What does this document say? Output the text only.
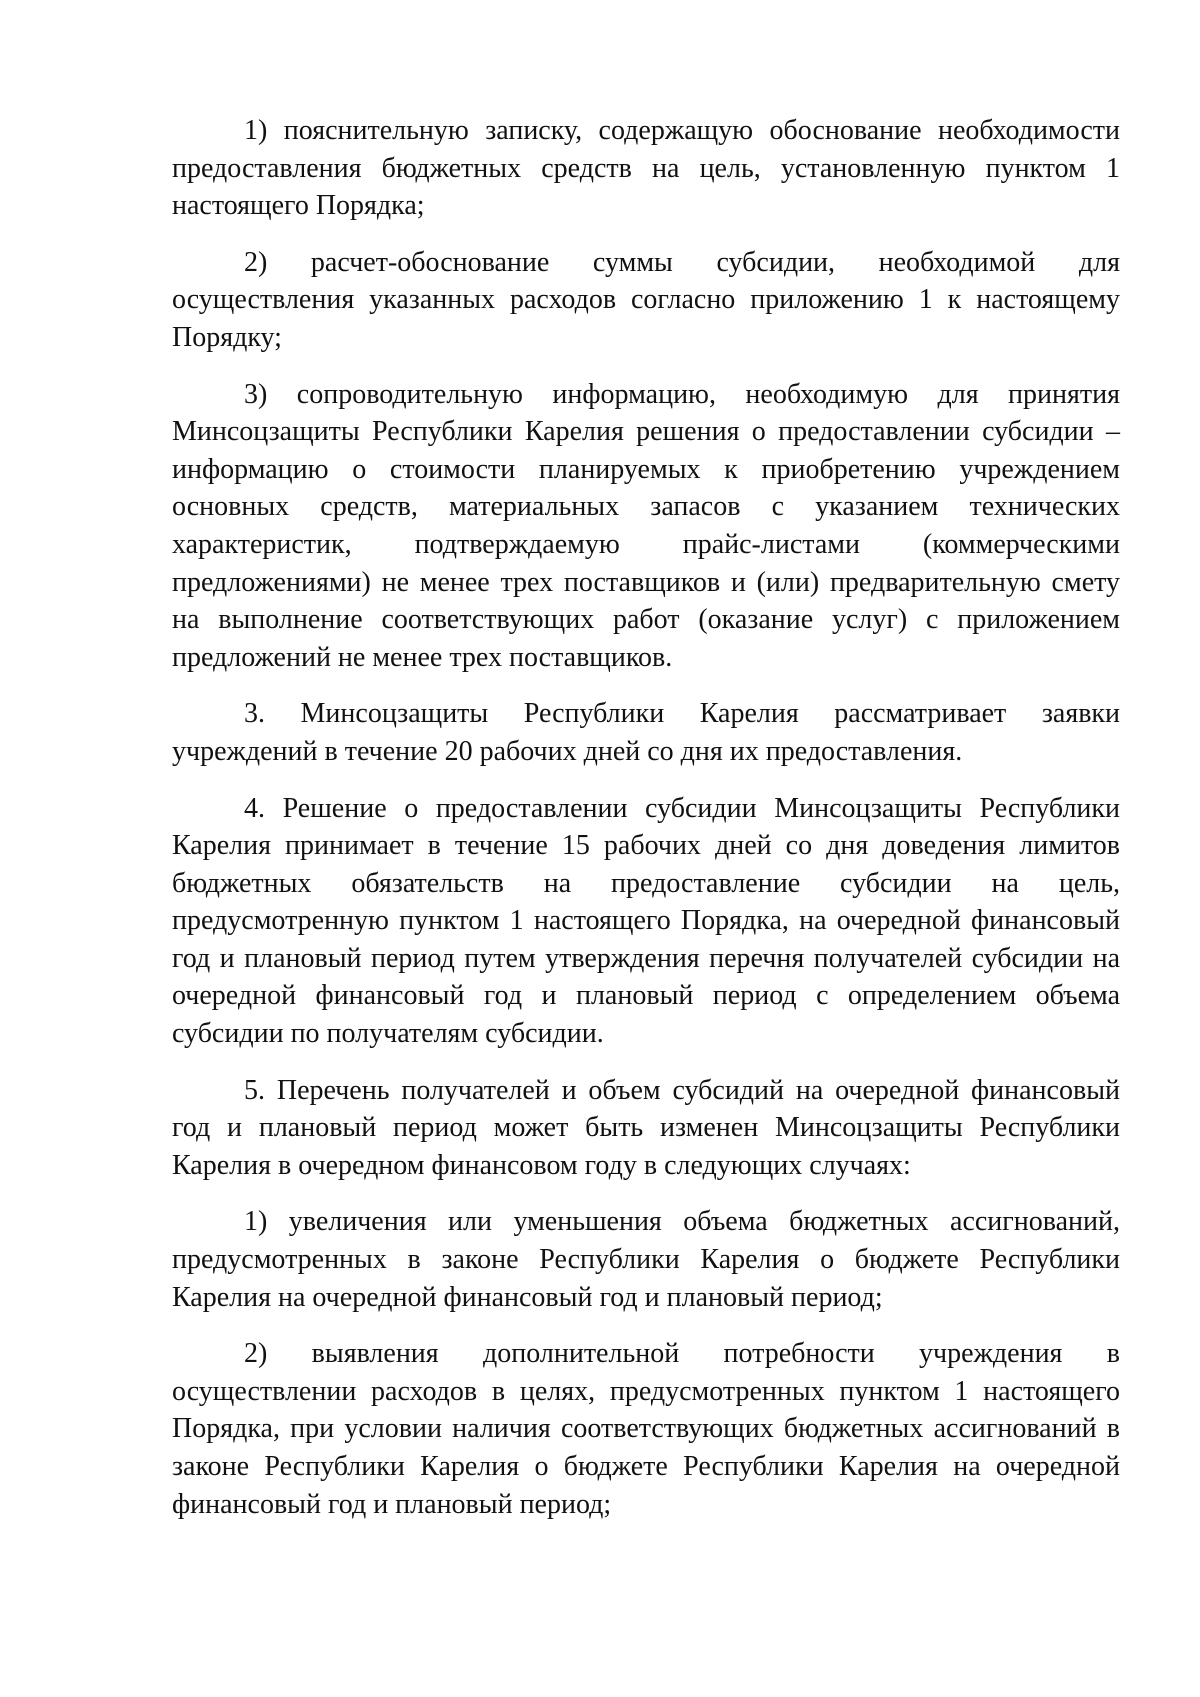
1) пояснительную записку, содержащую обоснование необходимости предоставления бюджетных средств на цель, установленную пунктом 1 настоящего Порядка;

2) расчет-обоснование суммы субсидии, необходимой для осуществления указанных расходов согласно приложению 1 к настоящему Порядку;

3) сопроводительную информацию, необходимую для принятия Минсоцзащиты Республики Карелия решения о предоставлении субсидии – информацию о стоимости планируемых к приобретению учреждением основных средств, материальных запасов с указанием технических характеристик, подтверждаемую прайс-листами (коммерческими предложениями) не менее трех поставщиков и (или) предварительную смету на выполнение соответствующих работ (оказание услуг) с приложением предложений не менее трех поставщиков.

3. Минсоцзащиты Республики Карелия рассматривает заявки учреждений в течение 20 рабочих дней со дня их предоставления.

4. Решение о предоставлении субсидии Минсоцзащиты Республики Карелия принимает в течение 15 рабочих дней со дня доведения лимитов бюджетных обязательств на предоставление субсидии на цель, предусмотренную пунктом 1 настоящего Порядка, на очередной финансовый год и плановый период путем утверждения перечня получателей субсидии на очередной финансовый год и плановый период с определением объема субсидии по получателям субсидии.

5. Перечень получателей и объем субсидий на очередной финансовый год и плановый период может быть изменен Минсоцзащиты Республики Карелия в очередном финансовом году в следующих случаях:

1) увеличения или уменьшения объема бюджетных ассигнований, предусмотренных в законе Республики Карелия о бюджете Республики Карелия на очередной финансовый год и плановый период;

2) выявления дополнительной потребности учреждения в осуществлении расходов в целях, предусмотренных пунктом 1 настоящего Порядка, при условии наличия соответствующих бюджетных ассигнований в законе Республики Карелия о бюджете Республики Карелия на очередной финансовый год и плановый период;
